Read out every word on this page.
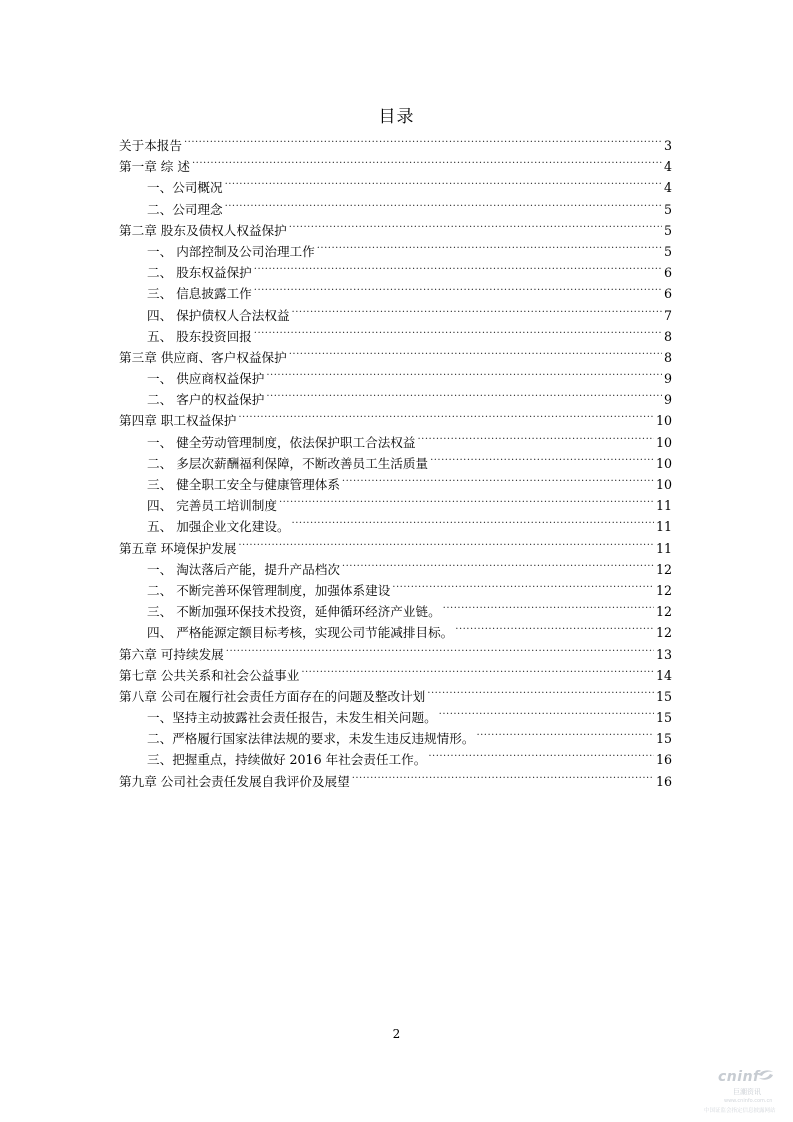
目录
关于本报告 .....	3
第一章 综 述 .....	4
一、公司概况 .....	4
二、公司理念 .....	5
第二章 股东及债权人权益保护 .....	5
一、 内部控制及公司治理工作 .....	5
二、 股东权益保护 .....	6
三、 信息披露工作 .....	6
四、 保护债权人合法权益 .....	7
五、 股东投资回报 .....	8
第三章 供应商、客户权益保护 .....	8
一、 供应商权益保护 .....	9
二、 客户的权益保护 .....	9
第四章 职工权益保护 .....	10
一、 健全劳动管理制度，依法保护职工合法权益 .....	10
二、 多层次薪酬福利保障，不断改善员工生活质量 .....	10
三、 健全职工安全与健康管理体系 .....	10
四、 完善员工培训制度 .....	11
五、 加强企业文化建设。 .....	11
第五章 环境保护发展 .....	11
一、 淘汰落后产能，提升产品档次 .....	12
二、 不断完善环保管理制度，加强体系建设 .....	12
三、 不断加强环保技术投资，延伸循环经济产业链。 .....	12
四、 严格能源定额目标考核，实现公司节能减排目标。 .....	12
第六章 可持续发展 .....	13
第七章 公共关系和社会公益事业 .....	14
第八章 公司在履行社会责任方面存在的问题及整改计划 .....	15
一、坚持主动披露社会责任报告，未发生相关问题。 .....	15
二、严格履行国家法律法规的要求，未发生违反违规情形。 .....	15
三、把握重点，持续做好 2016 年社会责任工作。 .....	16
第九章 公司社会责任发展自我评价及展望 .....	16
2
cninf
巨潮资讯
www.cninfo.com.cn
中国证监会指定信息披露网站
